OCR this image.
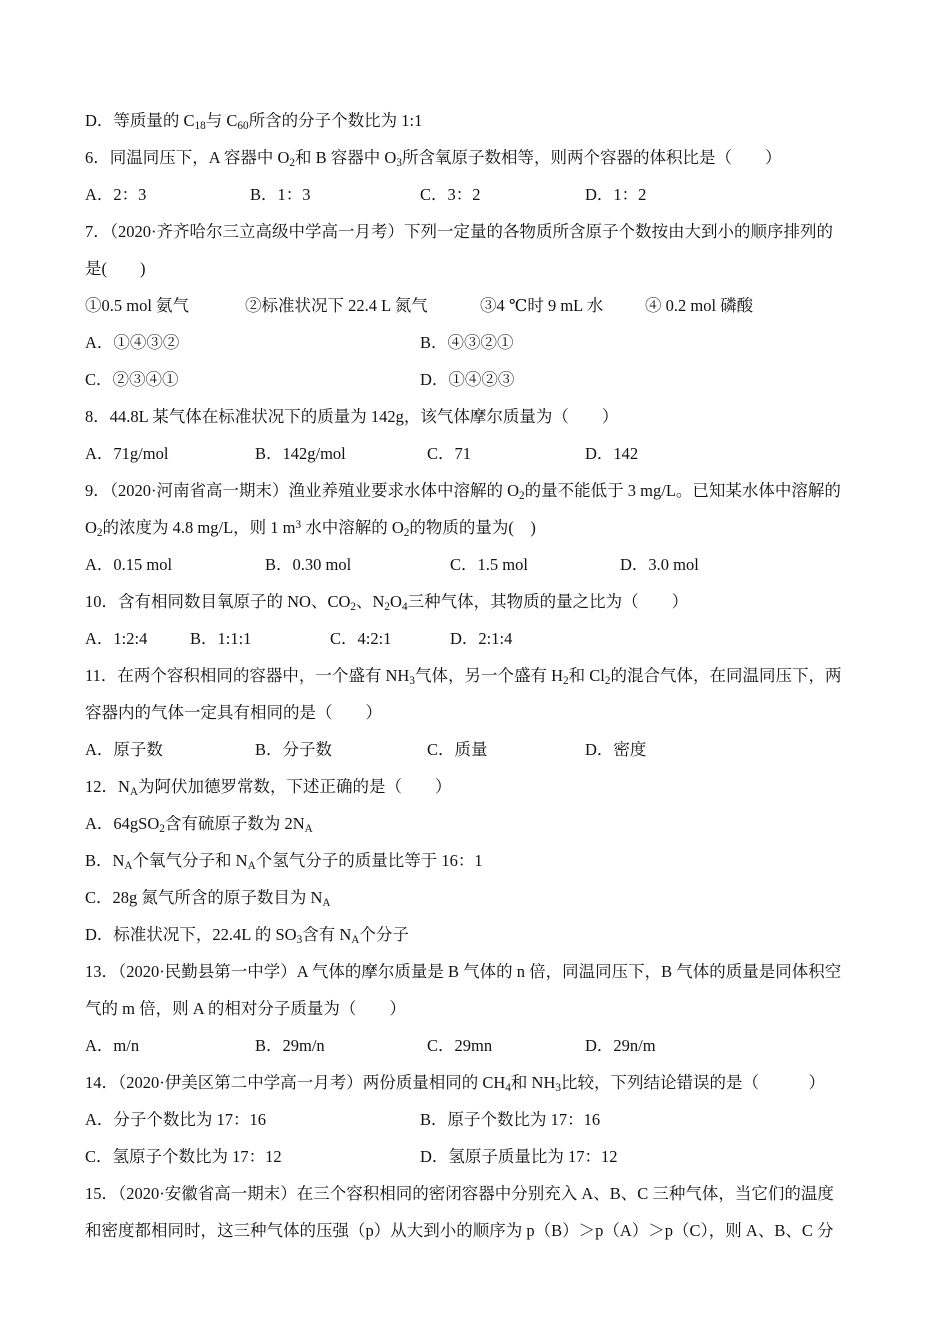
D．等质量的 $C_{18}$与 $C_{60}$所含的分子个数比为 1:1
6．同温同压下，A 容器中 $O_2$和 B 容器中 $O_3$所含氧原子数相等，则两个容器的体积比是（　　）
A．2：3	B．1：3	C．3：2	D．1：2
7．（2020·齐齐哈尔三立高级中学高一月考）下列一定量的各物质所含原子个数按由大到小的顺序排列的
是(　　)
①0.5 mol 氨气	②标准状况下 22.4 L 氮气	③4 ℃时 9 mL 水	④ 0.2 mol 磷酸
A．①④③②	B．④③②①
C．②③④①	D．①④②③
8．44.8L 某气体在标准状况下的质量为 142g，该气体摩尔质量为（　　）
A．71g/mol	B．142g/mol	C．71	D．142
9．（2020·河南省高一期末）渔业养殖业要求水体中溶解的 $O_2$的量不能低于 3 mg/L。已知某水体中溶解的
$O_2$的浓度为 4.8 mg/L，则 1 $m^3$ 水中溶解的 $O_2$的物质的量为(　)
A．0.15 mol	B．0.30 mol	C．1.5 mol	D．3.0 mol
10．含有相同数目氧原子的 NO、$CO_2$、$N_2O_4$三种气体，其物质的量之比为（　　）
A．1:2:4	B．1:1:1	C．4:2:1	D．2:1:4
11．在两个容积相同的容器中，一个盛有 $NH_3$气体，另一个盛有 $H_2$和 $Cl_2$的混合气体，在同温同压下，两
容器内的气体一定具有相同的是（　　）
A．原子数	B．分子数	C．质量	D．密度
12．$N_A$为阿伏加德罗常数，下述正确的是（　　）
A．64gSO$_2$含有硫原子数为 $2N_A$
B．$N_A$个氧气分子和 $N_A$个氢气分子的质量比等于 16：1
C．28g 氮气所含的原子数目为 $N_A$
D．标准状况下，22.4L 的 $SO_3$含有 $N_A$个分子
13．（2020·民勤县第一中学）A 气体的摩尔质量是 B 气体的 n 倍，同温同压下，B 气体的质量是同体积空
气的 m 倍，则 A 的相对分子质量为（　　）
A．m/n	B．29m/n	C．29mn	D．29n/m
14．（2020·伊美区第二中学高一月考）两份质量相同的 $CH_4$和 $NH_3$比较，下列结论错误的是（　　　）
A．分子个数比为 17：16	B．原子个数比为 17：16
C．氢原子个数比为 17：12	D．氢原子质量比为 17：12
15．（2020·安徽省高一期末）在三个容积相同的密闭容器中分别充入 A、B、C 三种气体，当它们的温度
和密度都相同时，这三种气体的压强（p）从大到小的顺序为 p（B）＞p（A）＞p（C），则 A、B、C 分
